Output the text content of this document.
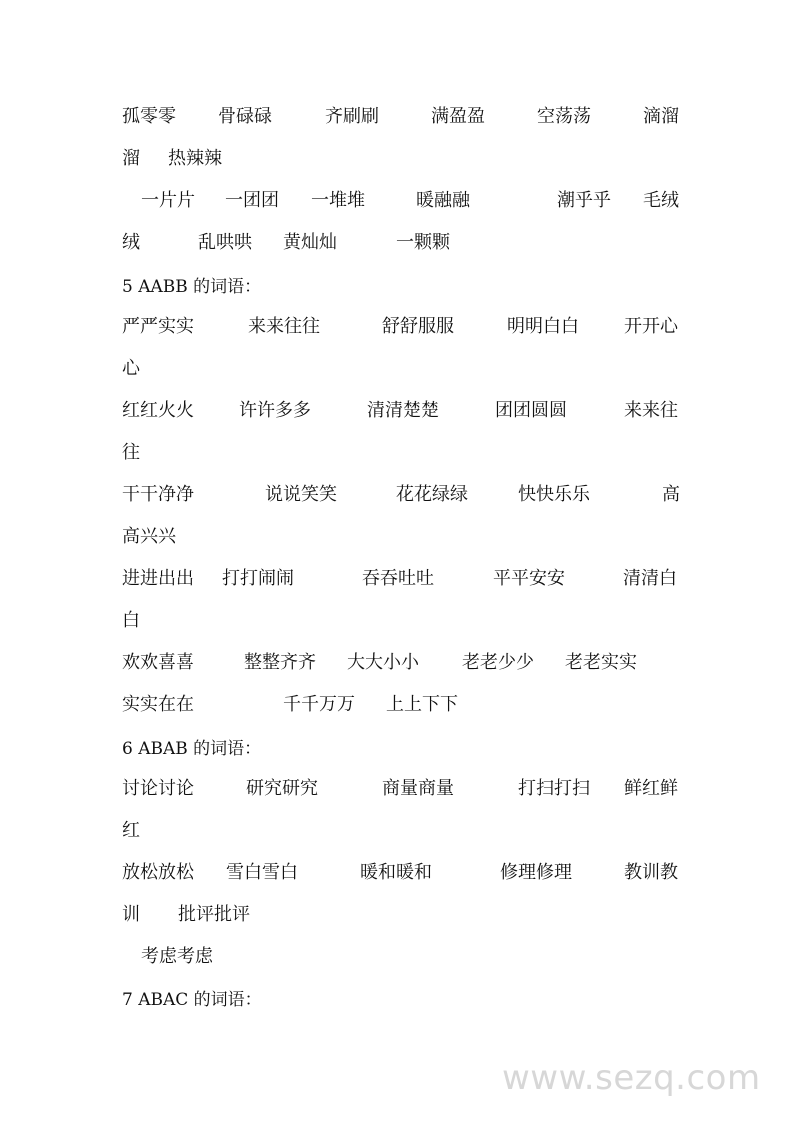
孤零零 骨碌碌	齐刷刷	满盈盈	空荡荡	滴溜
溜 热辣辣
一片片 一团团 一堆堆	暖融融	潮乎乎 毛绒
绒	乱哄哄 黄灿灿	一颗颗
5 AABB 的词语：
严严实实	来来往往	舒舒服服	明明白白	开开心
心
红红火火	许许多多	清清楚楚	团团圆圆	来来往
往
干干净净	说说笑笑	花花绿绿	快快乐乐	高
高兴兴
进进出出 打打闹闹	吞吞吐吐	平平安安	清清白
白
欢欢喜喜	整整齐齐 大大小小 老老少少 老老实实
实实在在	千千万万 上上下下
6 ABAB 的词语：
讨论讨论	研究研究	商量商量	打扫打扫 鲜红鲜
红
放松放松 雪白雪白	暖和暖和	修理修理	教训教
训 批评批评
考虑考虑
7 ABAC 的词语：
www.sezq.com
